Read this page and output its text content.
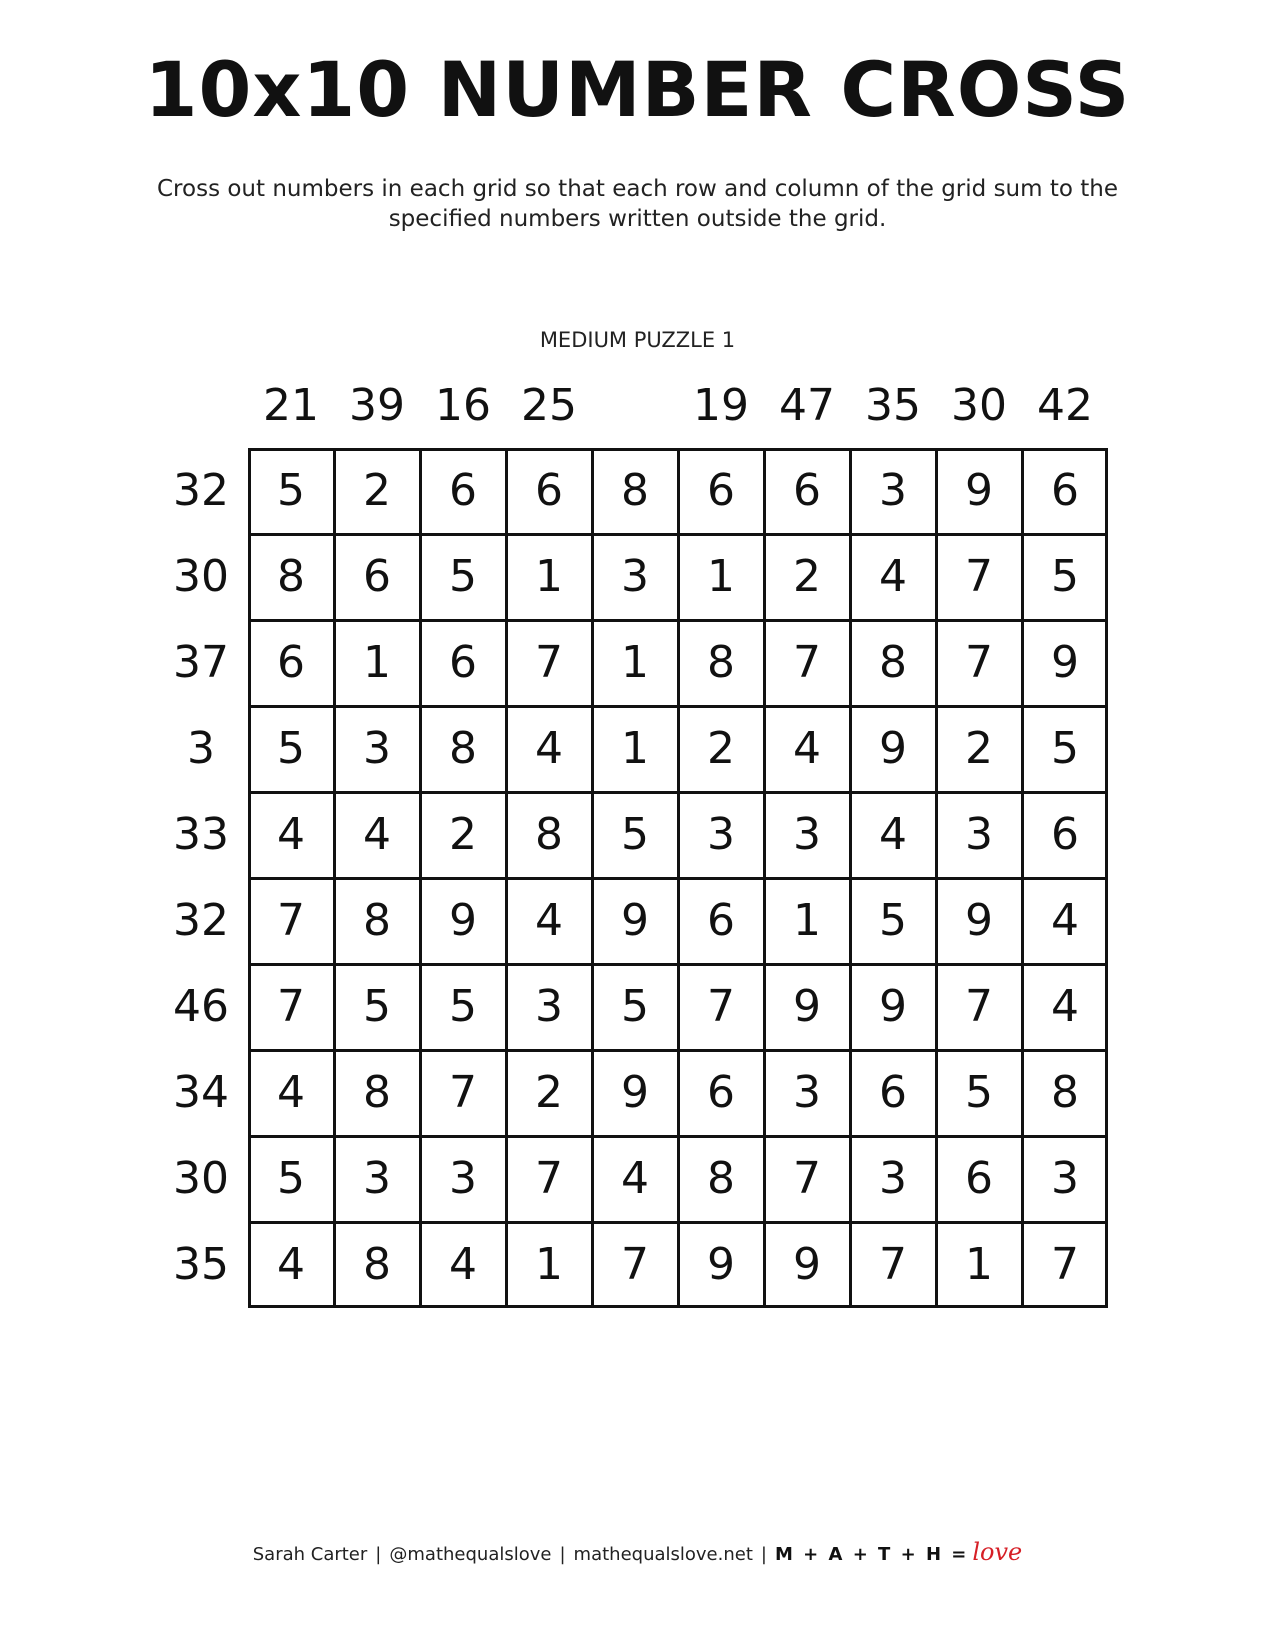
10x10 NUMBER CROSS
Cross out numbers in each grid so that each row and column of the grid sum to the specified numbers written outside the grid.
MEDIUM PUZZLE 1
21 39 16 25	19 47 35 30 42
32
30
37
3
33
32
46
34
30
35
5	2	6	6	8	6	6	3	9	6
8	6	5	1	3	1	2	4	7	5
6	1	6	7	1	8	7	8	7	9
5	3	8	4	1	2	4	9	2	5
4	4	2	8	5	3	3	4	3	6
7	8	9	4	9	6	1	5	9	4
7	5	5	3	5	7	9	9	7	4
4	8	7	2	9	6	3	6	5	8
5	3	3	7	4	8	7	3	6	3
4	8	4	1	7	9	9	7	1	7
Sarah Carter | @mathequalslove | mathequalslove.net | M + A + T + H = love
